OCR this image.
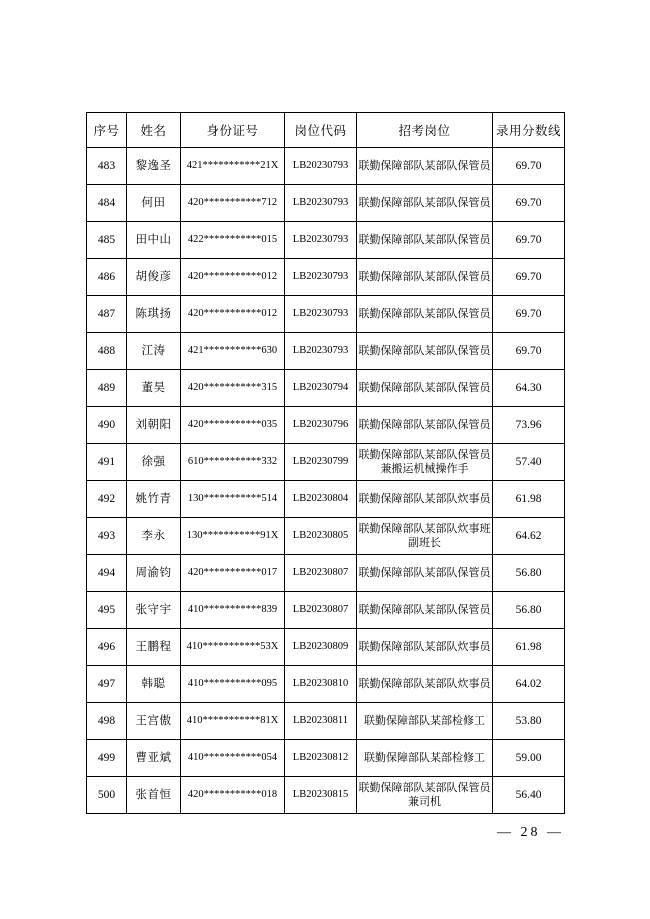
序号	姓名	身份证号	岗位代码	招考岗位	录用分数线
483	黎逸圣	421***********21X	LB20230793	联勤保障部队某部队保管员	69.70
484	何田	420***********712	LB20230793	联勤保障部队某部队保管员	69.70
485	田中山	422***********015	LB20230793	联勤保障部队某部队保管员	69.70
486	胡俊彦	420***********012	LB20230793	联勤保障部队某部队保管员	69.70
487	陈琪扬	420***********012	LB20230793	联勤保障部队某部队保管员	69.70
488	江涛	421***********630	LB20230793	联勤保障部队某部队保管员	69.70
489	董昊	420***********315	LB20230794	联勤保障部队某部队保管员	64.30
490	刘朝阳	420***********035	LB20230796	联勤保障部队某部队保管员	73.96
491	徐强	610***********332	LB20230799	联勤保障部队某部队保管员兼搬运机械操作手	57.40
492	姚竹青	130***********514	LB20230804	联勤保障部队某部队炊事员	61.98
493	李永	130***********91X	LB20230805	联勤保障部队某部队炊事班副班长	64.62
494	周渝钧	420***********017	LB20230807	联勤保障部队某部队保管员	56.80
495	张守宇	410***********839	LB20230807	联勤保障部队某部队保管员	56.80
496	王鹏程	410***********53X	LB20230809	联勤保障部队某部队炊事员	61.98
497	韩聪	410***********095	LB20230810	联勤保障部队某部队炊事员	64.02
498	王宫傲	410***********81X	LB20230811	联勤保障部队某部检修工	53.80
499	曹亚斌	410***********054	LB20230812	联勤保障部队某部检修工	59.00
500	张首恒	420***********018	LB20230815	联勤保障部队某部队保管员兼司机	56.40
— 28 —
